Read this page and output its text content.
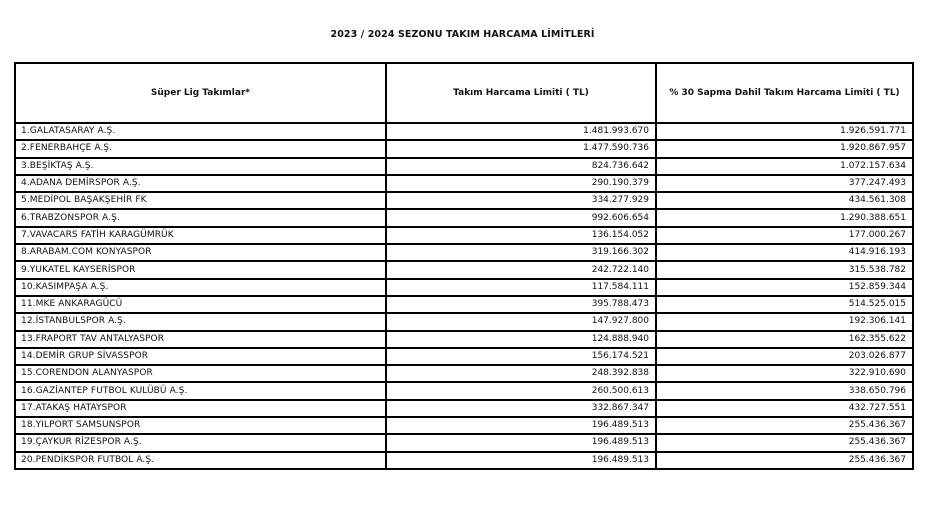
2023 / 2024 SEZONU TAKIM HARCAMA LİMİTLERİ
Süper Lig Takımlar*	Takım Harcama Limiti ( TL)	% 30 Sapma Dahil Takım Harcama Limiti ( TL)
1.GALATASARAY A.Ş.	1.481.993.670	1.926.591.771
2.FENERBAHÇE A.Ş.	1.477.590.736	1.920.867.957
3.BEŞİKTAŞ A.Ş.	824.736.642	1.072.157.634
4.ADANA DEMİRSPOR A.Ş.	290.190.379	377.247.493
5.MEDİPOL BAŞAKŞEHİR FK	334.277.929	434.561.308
6.TRABZONSPOR A.Ş.	992.606.654	1.290.388.651
7.VAVACARS FATİH KARAGÜMRÜK	136.154.052	177.000.267
8.ARABAM.COM KONYASPOR	319.166.302	414.916.193
9.YUKATEL KAYSERİSPOR	242.722.140	315.538.782
10.KASIMPAŞA A.Ş.	117.584.111	152.859.344
11.MKE ANKARAGÜCÜ	395.788.473	514.525.015
12.İSTANBULSPOR A.Ş.	147.927.800	192.306.141
13.FRAPORT TAV ANTALYASPOR	124.888.940	162.355.622
14.DEMİR GRUP SİVASSPOR	156.174.521	203.026.877
15.CORENDON ALANYASPOR	248.392.838	322.910.690
16.GAZİANTEP FUTBOL KULÜBÜ A.Ş.	260.500.613	338.650.796
17.ATAKAŞ HATAYSPOR	332.867.347	432.727.551
18.YILPORT SAMSUNSPOR	196.489.513	255.436.367
19.ÇAYKUR RİZESPOR A.Ş.	196.489.513	255.436.367
20.PENDİKSPOR FUTBOL A.Ş.	196.489.513	255.436.367
